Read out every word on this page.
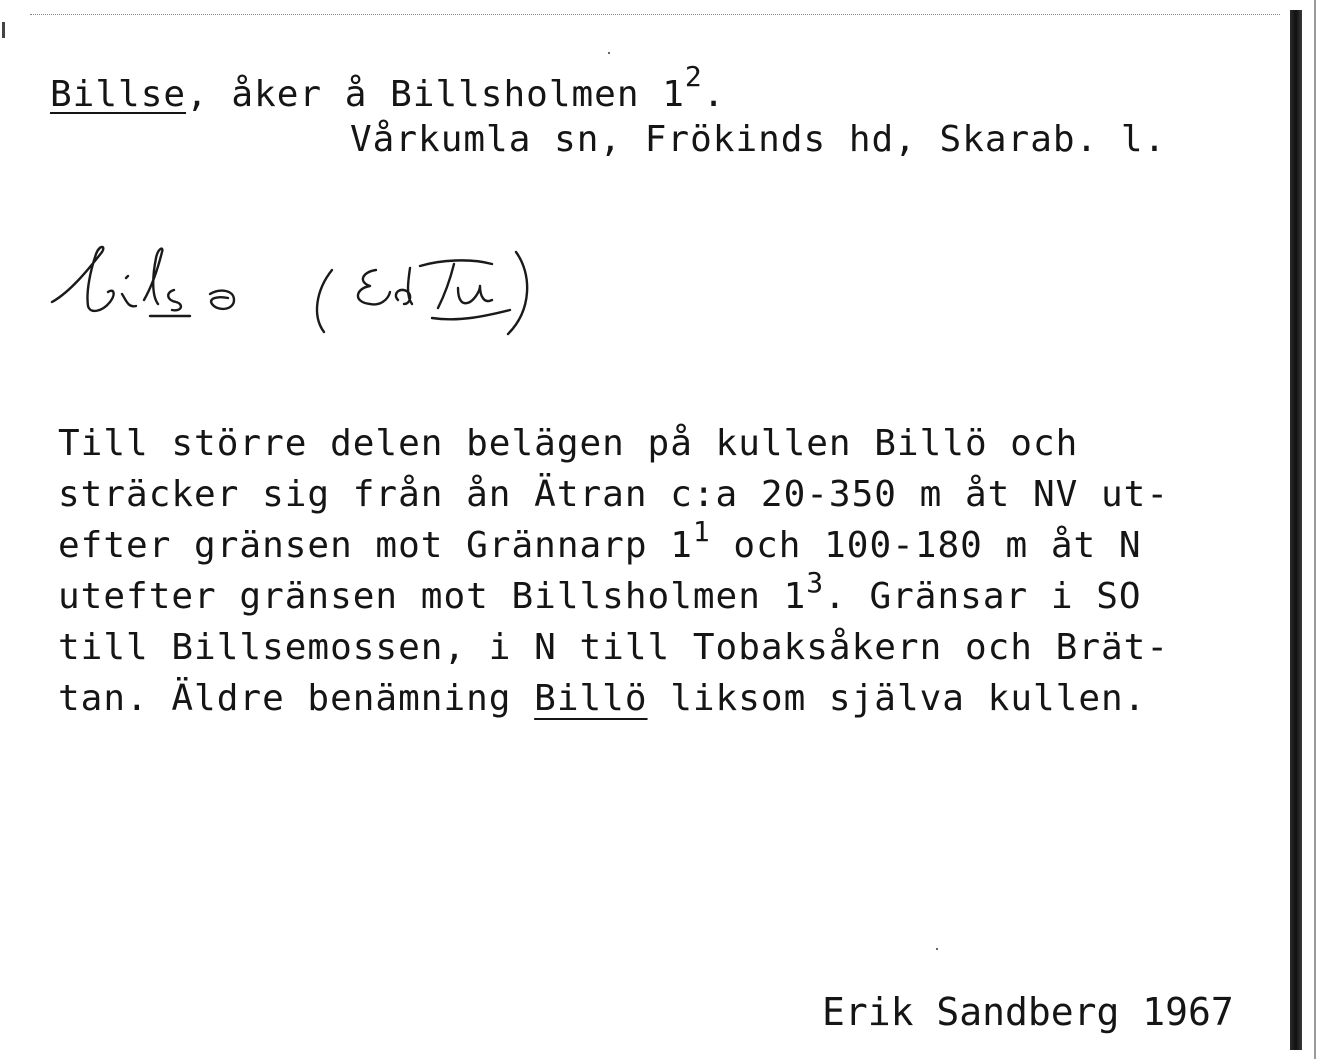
Billse, åker å Billsholmen $1^2$.
Vårkumla sn, Frökinds hd, Skarab. l.
Till större delen belägen på kullen Billö och
sträcker sig från ån Ätran c:a 20-350 m åt NV ut-
efter gränsen mot Grännarp $1^1$ och 100-180 m åt N
utefter gränsen mot Billsholmen $1^3$. Gränsar i SO
till Billsemossen, i N till Tobaksåkern och Brät-
tan. Äldre benämning Billö liksom själva kullen.
Erik Sandberg 1967
